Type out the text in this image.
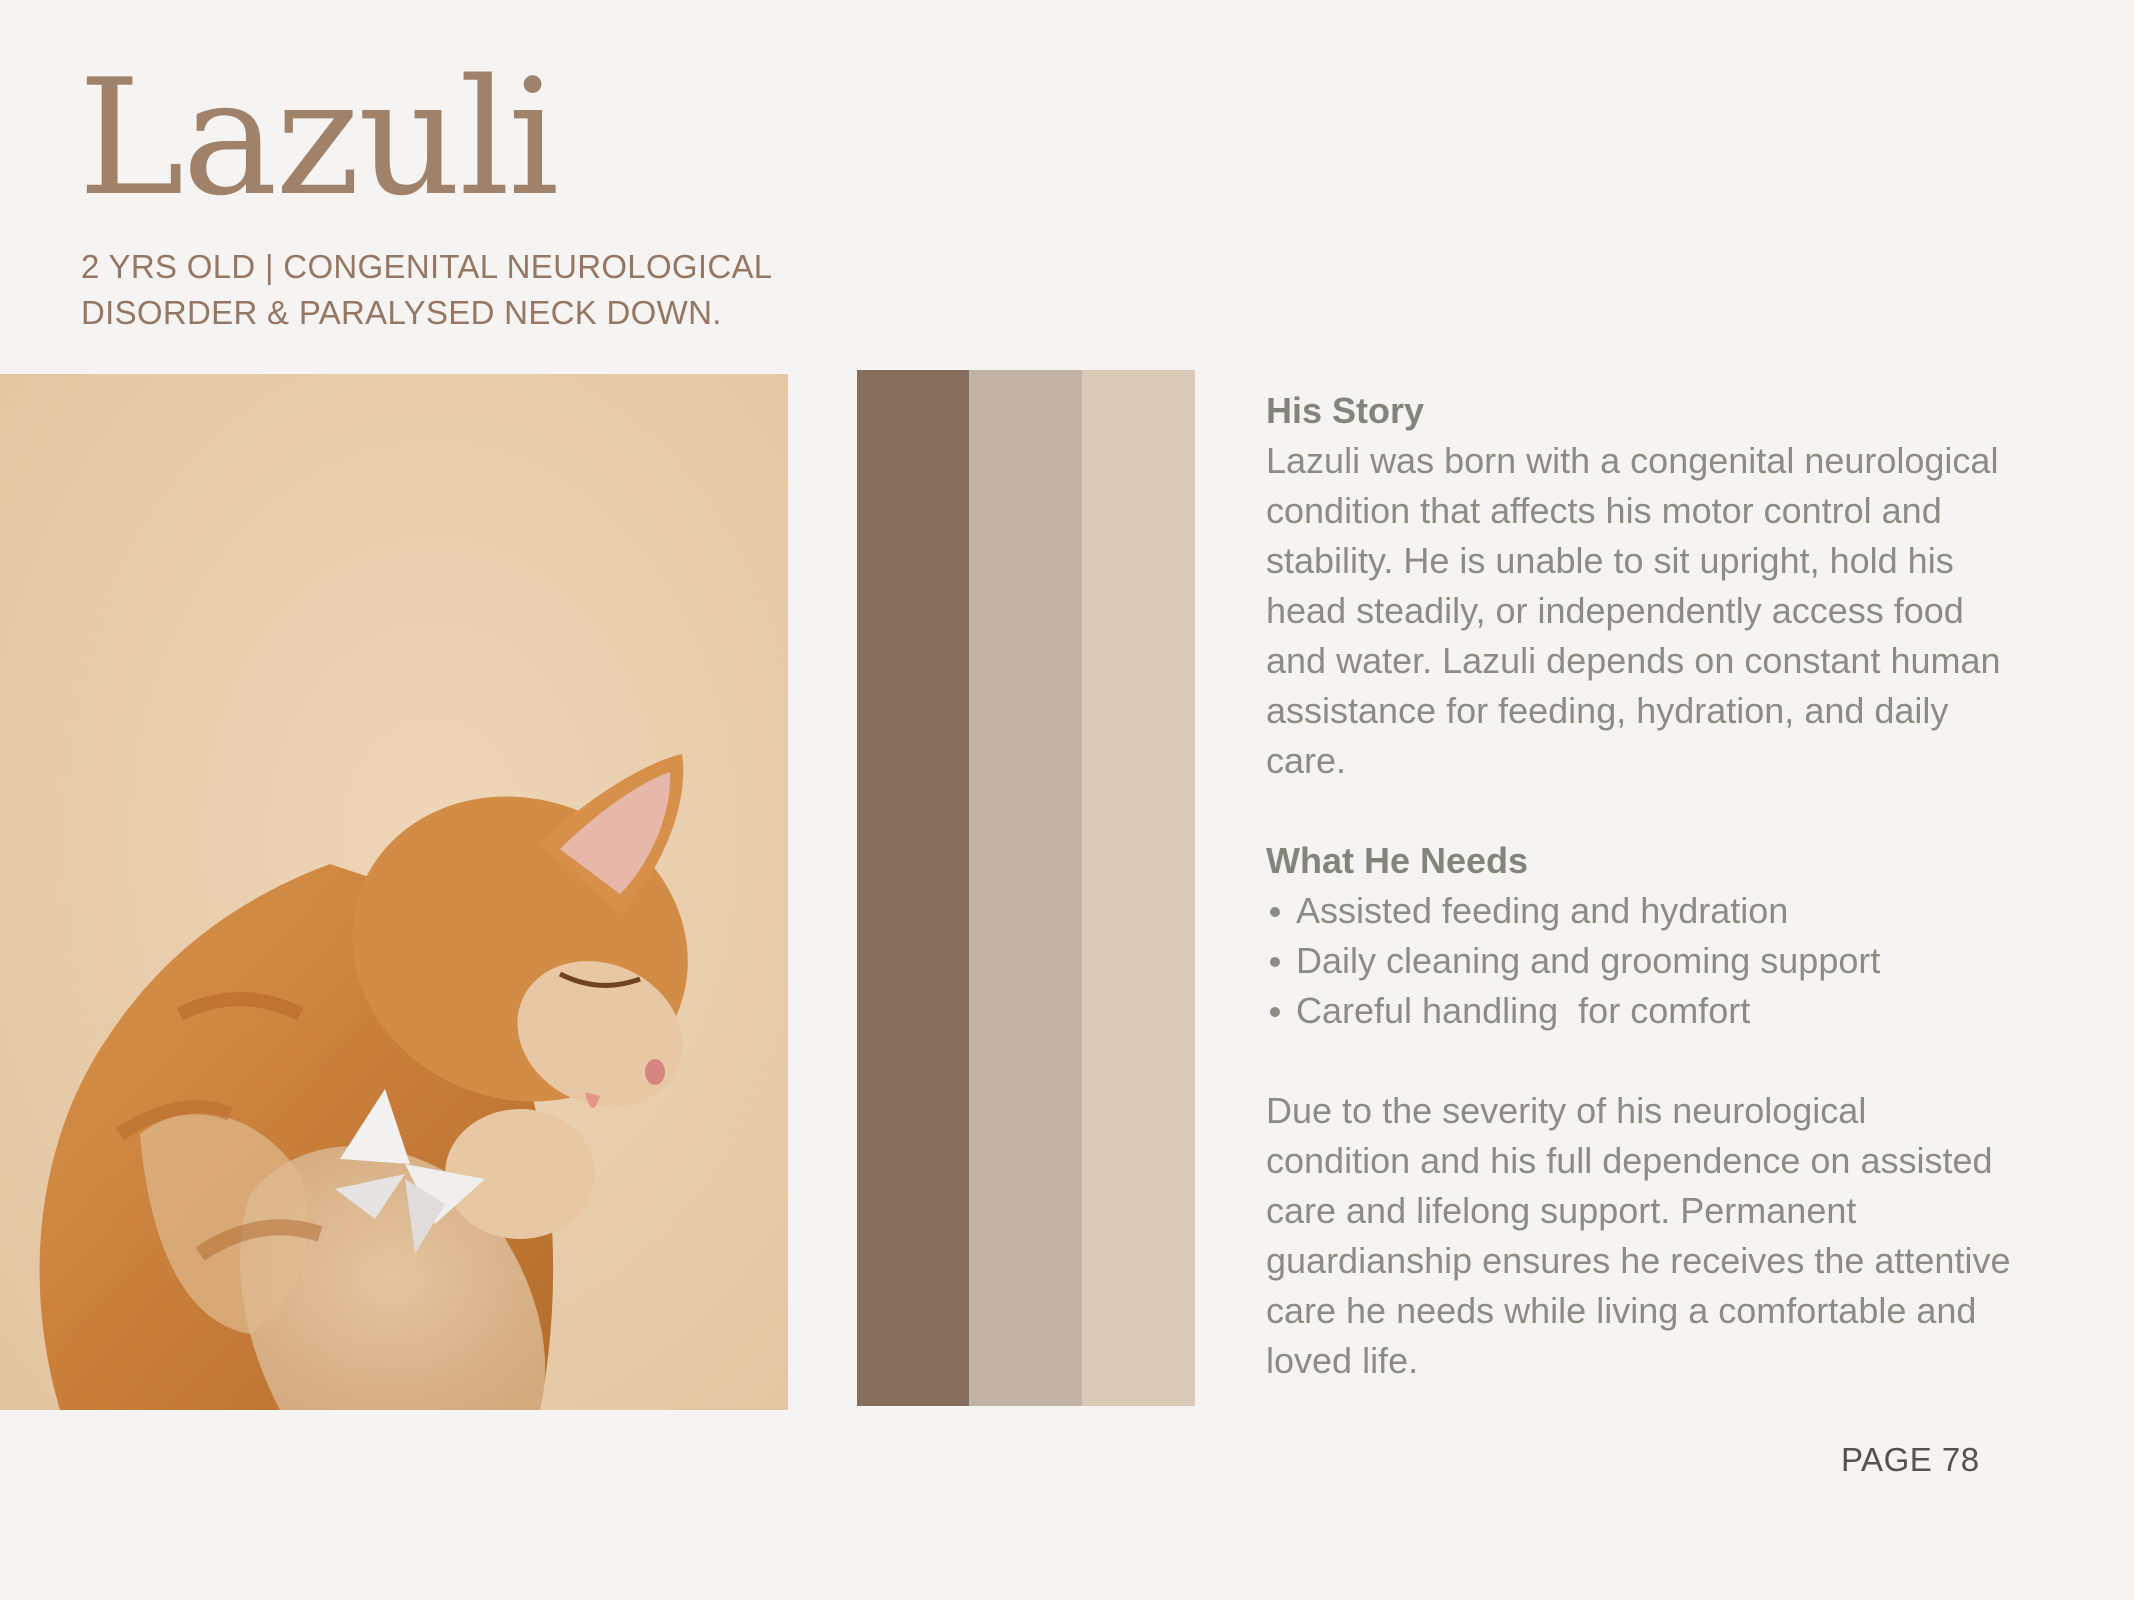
Lazuli
2 YRS OLD | CONGENITAL NEUROLOGICAL
DISORDER & PARALYSED NECK DOWN.
His Story
Lazuli was born with a congenital neurological
condition that affects his motor control and
stability. He is unable to sit upright, hold his
head steadily, or independently access food
and water. Lazuli depends on constant human
assistance for feeding, hydration, and daily
care.
What He Needs
Assisted feeding and hydration
Daily cleaning and grooming support
Careful handling  for comfort
Due to the severity of his neurological
condition and his full dependence on assisted
care and lifelong support. Permanent
guardianship ensures he receives the attentive
care he needs while living a comfortable and
loved life.
PAGE 78
